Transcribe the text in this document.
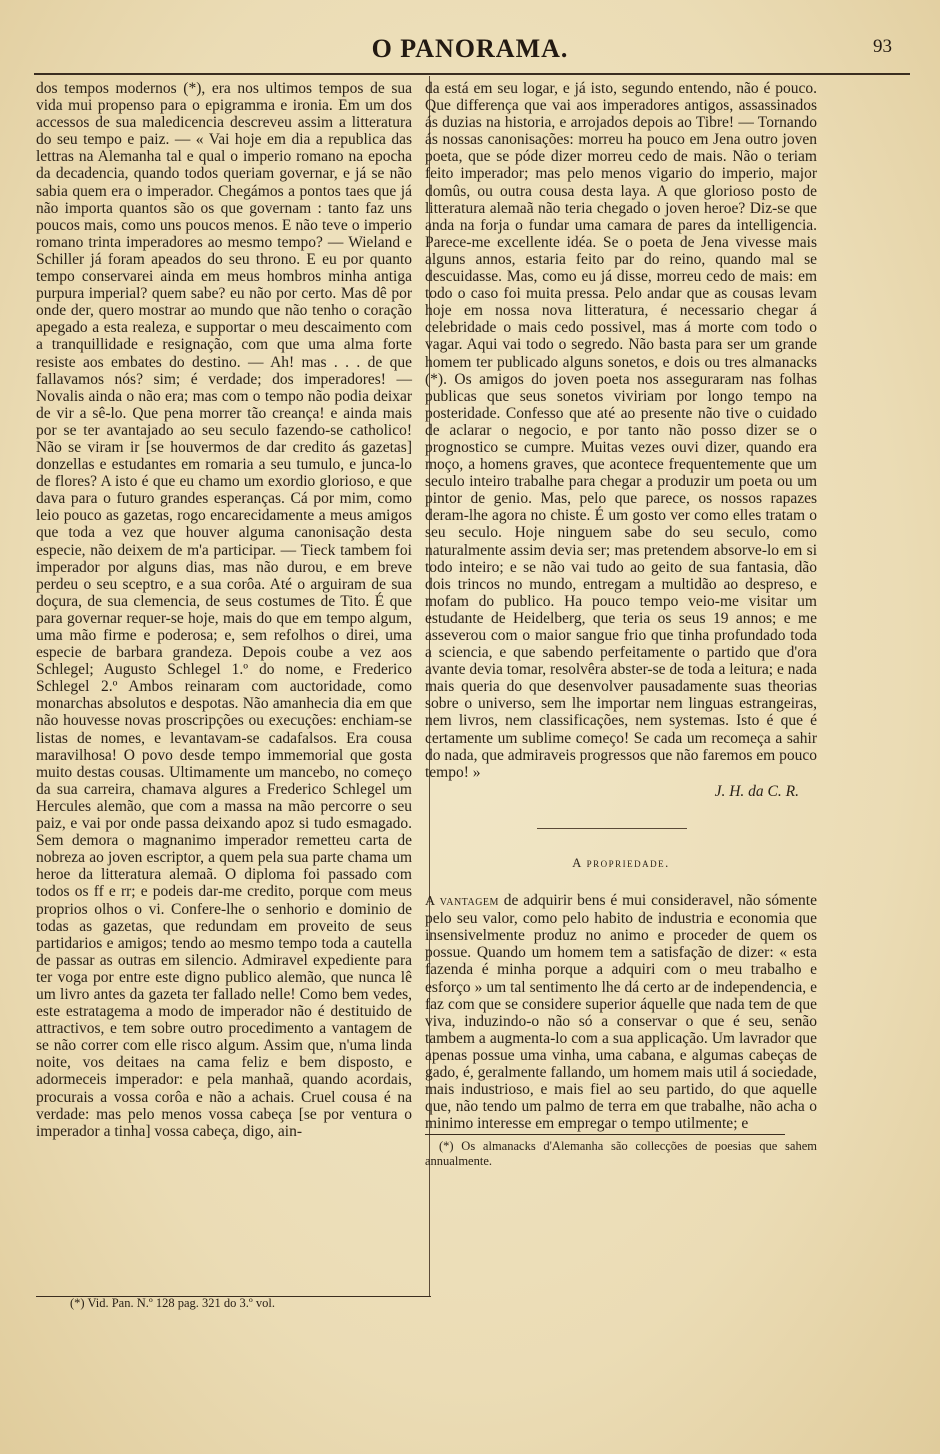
O PANORAMA.	93

dos tempos modernos (*), era nos ultimos tempos de sua vida mui propenso para o epigramma e ironia. Em um dos accessos de sua maledicencia descreveu assim a litteratura do seu tempo e paiz. — « Vai hoje em dia a republica das lettras na Alemanha tal e qual o imperio romano na epocha da decadencia, quando todos queriam governar, e já se não sabia quem era o imperador. Chegámos a pontos taes que já não importa quantos são os que governam : tanto faz uns poucos mais, como uns poucos menos. E não teve o imperio romano trinta imperadores ao mesmo tempo? — Wieland e Schiller já foram apeados do seu throno. E eu por quanto tempo conservarei ainda em meus hombros minha antiga purpura imperial? quem sabe? eu não por certo. Mas dê por onde der, quero mostrar ao mundo que não tenho o coração apegado a esta realeza, e supportar o meu descaimento com a tranquillidade e resignação, com que uma alma forte resiste aos embates do destino. — Ah! mas . . . de que fallavamos nós? sim; é verdade; dos imperadores! — Novalis ainda o não era; mas com o tempo não podia deixar de vir a sê-lo. Que pena morrer tão creança! e ainda mais por se ter avantajado ao seu seculo fazendo-se catholico! Não se viram ir [se houvermos de dar credito ás gazetas] donzellas e estudantes em romaria a seu tumulo, e junca-lo de flores? A isto é que eu chamo um exordio glorioso, e que dava para o futuro grandes esperanças. Cá por mim, como leio pouco as gazetas, rogo encarecidamente a meus amigos que toda a vez que houver alguma canonisação desta especie, não deixem de m'a participar. — Tieck tambem foi imperador por alguns dias, mas não durou, e em breve perdeu o seu sceptro, e a sua corôa. Até o arguiram de sua doçura, de sua clemencia, de seus costumes de Tito. É que para governar requer-se hoje, mais do que em tempo algum, uma mão firme e poderosa; e, sem refolhos o direi, uma especie de barbara grandeza. Depois coube a vez aos Schlegel; Augusto Schlegel 1.º do nome, e Frederico Schlegel 2.º Ambos reinaram com auctoridade, como monarchas absolutos e despotas. Não amanhecia dia em que não houvesse novas proscripções ou execuções: enchiam-se listas de nomes, e levantavam-se cadafalsos. Era cousa maravilhosa! O povo desde tempo immemorial que gosta muito destas cousas. Ultimamente um mancebo, no começo da sua carreira, chamava algures a Frederico Schlegel um Hercules alemão, que com a massa na mão percorre o seu paiz, e vai por onde passa deixando apoz si tudo esmagado. Sem demora o magnanimo imperador remetteu carta de nobreza ao joven escriptor, a quem pela sua parte chama um heroe da litteratura alemaã. O diploma foi passado com todos os ff e rr; e podeis dar-me credito, porque com meus proprios olhos o vi. Confere-lhe o senhorio e dominio de todas as gazetas, que redundam em proveito de seus partidarios e amigos; tendo ao mesmo tempo toda a cautella de passar as outras em silencio. Admiravel expediente para ter voga por entre este digno publico alemão, que nunca lê um livro antes da gazeta ter fallado nelle! Como bem vedes, este estratagema a modo de imperador não é destituido de attractivos, e tem sobre outro procedimento a vantagem de se não correr com elle risco algum. Assim que, n'uma linda noite, vos deitaes na cama feliz e bem disposto, e adormeceis imperador: e pela manhaã, quando acordais, procurais a vossa corôa e não a achais. Cruel cousa é na verdade: mas pelo menos vossa cabeça [se por ventura o imperador a tinha] vossa cabeça, digo, ain-

(*) Vid. Pan. N.º 128 pag. 321 do 3.º vol.

da está em seu logar, e já isto, segundo entendo, não é pouco. Que differença que vai aos imperadores antigos, assassinados ás duzias na historia, e arrojados depois ao Tibre! — Tornando ás nossas canonisações: morreu ha pouco em Jena outro joven poeta, que se póde dizer morreu cedo de mais. Não o teriam feito imperador; mas pelo menos vigario do imperio, major domûs, ou outra cousa desta laya. A que glorioso posto de litteratura alemaã não teria chegado o joven heroe? Diz-se que anda na forja o fundar uma camara de pares da intelligencia. Parece-me excellente idéa. Se o poeta de Jena vivesse mais alguns annos, estaria feito par do reino, quando mal se descuidasse. Mas, como eu já disse, morreu cedo de mais: em todo o caso foi muita pressa. Pelo andar que as cousas levam hoje em nossa nova litteratura, é necessario chegar á celebridade o mais cedo possivel, mas á morte com todo o vagar. Aqui vai todo o segredo. Não basta para ser um grande homem ter publicado alguns sonetos, e dois ou tres almanacks (*). Os amigos do joven poeta nos asseguraram nas folhas publicas que seus sonetos viviriam por longo tempo na posteridade. Confesso que até ao presente não tive o cuidado de aclarar o negocio, e por tanto não posso dizer se o prognostico se cumpre. Muitas vezes ouvi dizer, quando era moço, a homens graves, que acontece frequentemente que um seculo inteiro trabalhe para chegar a produzir um poeta ou um pintor de genio. Mas, pelo que parece, os nossos rapazes deram-lhe agora no chiste. É um gosto ver como elles tratam o seu seculo. Hoje ninguem sabe do seu seculo, como naturalmente assim devia ser; mas pretendem absorve-lo em si todo inteiro; e se não vai tudo ao geito de sua fantasia, dão dois trincos no mundo, entregam a multidão ao despreso, e mofam do publico. Ha pouco tempo veio-me visitar um estudante de Heidelberg, que teria os seus 19 annos; e me asseverou com o maior sangue frio que tinha profundado toda a sciencia, e que sabendo perfeitamente o partido que d'ora avante devia tomar, resolvêra abster-se de toda a leitura; e nada mais queria do que desenvolver pausadamente suas theorias sobre o universo, sem lhe importar nem linguas estrangeiras, nem livros, nem classificações, nem systemas. Isto é que é certamente um sublime começo! Se cada um recomeça a sahir do nada, que admiraveis progressos que não faremos em pouco tempo! »

J. H. da C. R.

A propriedade.

A vantagem de adquirir bens é mui consideravel, não sómente pelo seu valor, como pelo habito de industria e economia que insensivelmente produz no animo e proceder de quem os possue. Quando um homem tem a satisfação de dizer: « esta fazenda é minha porque a adquiri com o meu trabalho e esforço » um tal sentimento lhe dá certo ar de independencia, e faz com que se considere superior áquelle que nada tem de que viva, induzindo-o não só a conservar o que é seu, senão tambem a augmenta-lo com a sua applicação. Um lavrador que apenas possue uma vinha, uma cabana, e algumas cabeças de gado, é, geralmente fallando, um homem mais util á sociedade, mais industrioso, e mais fiel ao seu partido, do que aquelle que, não tendo um palmo de terra em que trabalhe, não acha o minimo interesse em empregar o tempo utilmente; e

(*) Os almanacks d'Alemanha são collecções de poesias que sahem annualmente.
